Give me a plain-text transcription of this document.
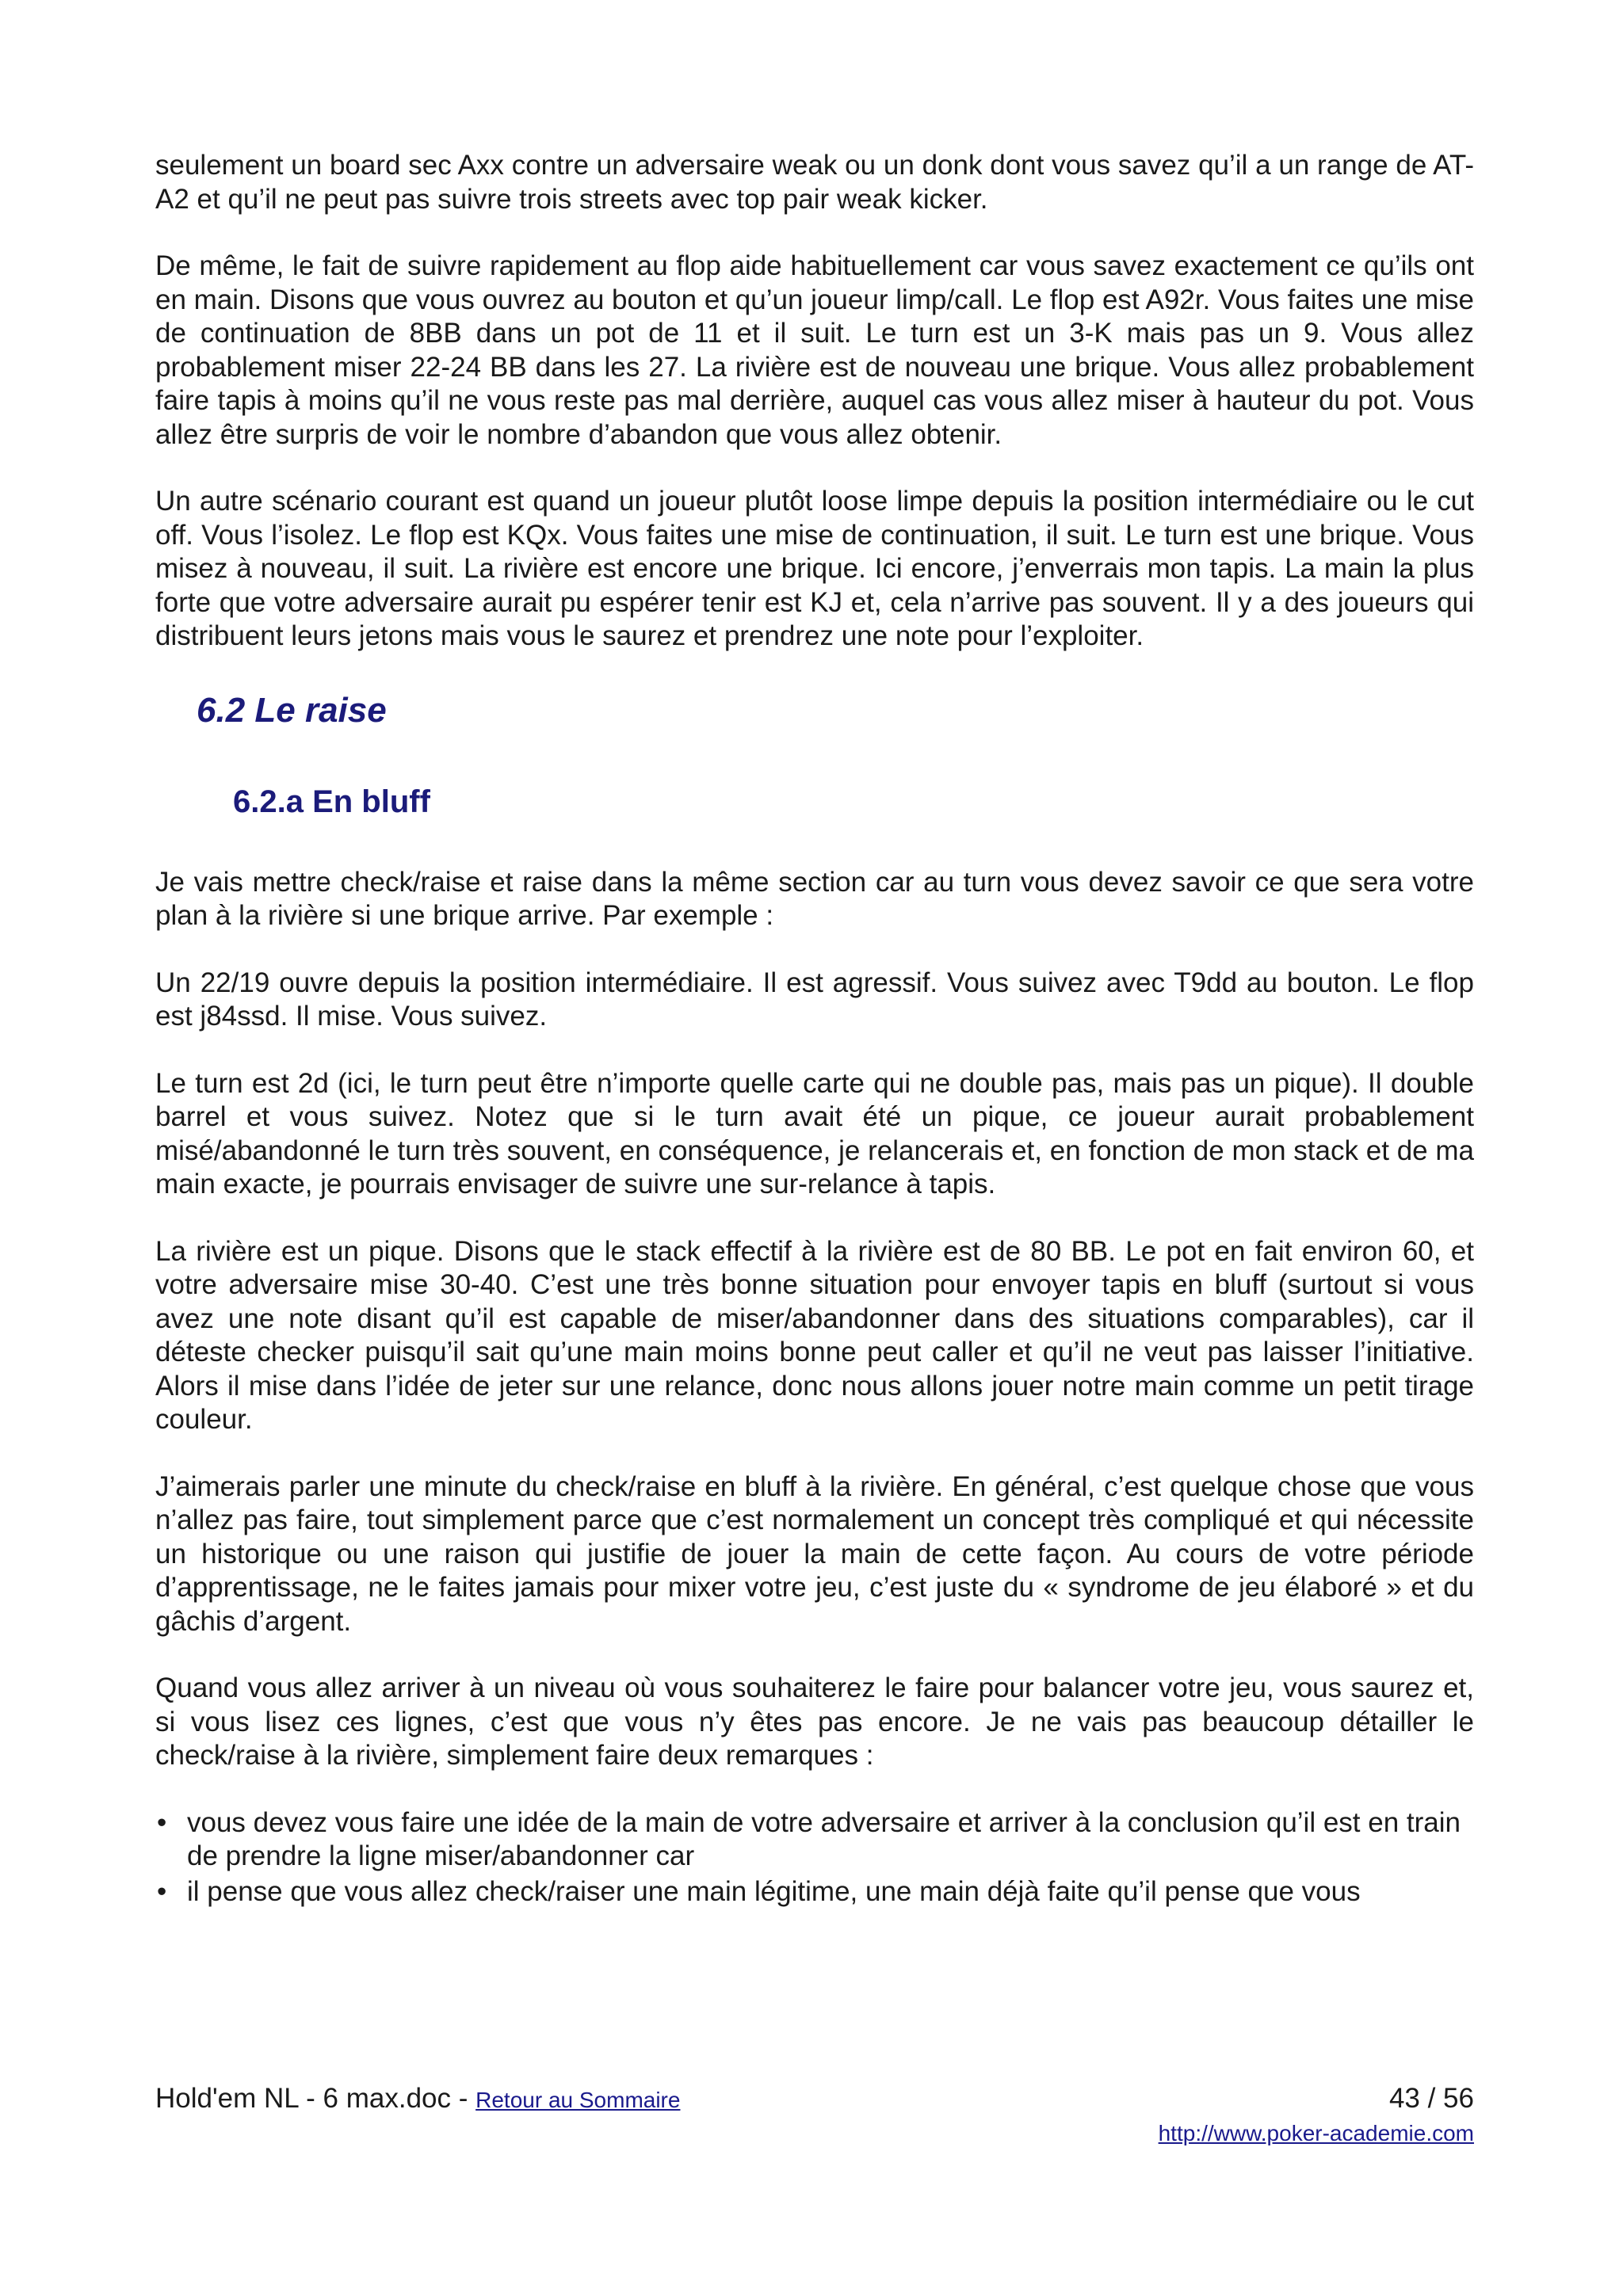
seulement un board sec Axx contre un adversaire weak ou un donk dont vous savez qu’il a un range de AT-A2 et qu’il ne peut pas suivre trois streets avec top pair weak kicker.

De même, le fait de suivre rapidement au flop aide habituellement car vous savez exactement ce qu’ils ont en main. Disons que vous ouvrez au bouton et qu’un joueur limp/call. Le flop est A92r. Vous faites une mise de continuation de 8BB dans un pot de 11 et il suit. Le turn est un 3-K mais pas un 9. Vous allez probablement miser 22-24 BB dans les 27. La rivière est de nouveau une brique. Vous allez probablement faire tapis à moins qu’il ne vous reste pas mal derrière, auquel cas vous allez miser à hauteur du pot. Vous allez être surpris de voir le nombre d’abandon que vous allez obtenir.

Un autre scénario courant est quand un joueur plutôt loose limpe depuis la position intermédiaire ou le cut off. Vous l’isolez. Le flop est KQx. Vous faites une mise de continuation, il suit. Le turn est une brique. Vous misez à nouveau, il suit. La rivière est encore une brique. Ici encore, j’enverrais mon tapis. La main la plus forte que votre adversaire aurait pu espérer tenir est KJ et, cela n’arrive pas souvent. Il y a des joueurs qui distribuent leurs jetons mais vous le saurez et prendrez une note pour l’exploiter.

6.2 Le raise
6.2.a En bluff

Je vais mettre check/raise et raise dans la même section car au turn vous devez savoir ce que sera votre plan à la rivière si une brique arrive. Par exemple :

Un 22/19 ouvre depuis la position intermédiaire. Il est agressif. Vous suivez avec T9dd au bouton. Le flop est j84ssd. Il mise. Vous suivez.

Le turn est 2d (ici, le turn peut être n’importe quelle carte qui ne double pas, mais pas un pique). Il double barrel et vous suivez. Notez que si le turn avait été un pique, ce joueur aurait probablement misé/abandonné le turn très souvent, en conséquence, je relancerais et, en fonction de mon stack et de ma main exacte, je pourrais envisager de suivre une sur-relance à tapis.

La rivière est un pique. Disons que le stack effectif à la rivière est de 80 BB. Le pot en fait environ 60, et votre adversaire mise 30-40. C’est une très bonne situation pour envoyer tapis en bluff (surtout si vous avez une note disant qu’il est capable de miser/abandonner dans des situations comparables), car il déteste checker puisqu’il sait qu’une main moins bonne peut caller et qu’il ne veut pas laisser l’initiative. Alors il mise dans l’idée de jeter sur une relance, donc nous allons jouer notre main comme un petit tirage couleur.

J’aimerais parler une minute du check/raise en bluff à la rivière. En général, c’est quelque chose que vous n’allez pas faire, tout simplement parce que c’est normalement un concept très compliqué et qui nécessite un historique ou une raison qui justifie de jouer la main de cette façon. Au cours de votre période d’apprentissage, ne le faites jamais pour mixer votre jeu, c’est juste du « syndrome de jeu élaboré » et du gâchis d’argent.

Quand vous allez arriver à un niveau où vous souhaiterez le faire pour balancer votre jeu, vous saurez et, si vous lisez ces lignes, c’est que vous n’y êtes pas encore. Je ne vais pas beaucoup détailler le check/raise à la rivière, simplement faire deux remarques :

• vous devez vous faire une idée de la main de votre adversaire et arriver à la conclusion qu’il est en train de prendre la ligne miser/abandonner car
• il pense que vous allez check/raiser une main légitime, une main déjà faite qu’il pense que vous
Hold'em NL - 6 max.doc - Retour au Sommaire	43 / 56
http://www.poker-academie.com
